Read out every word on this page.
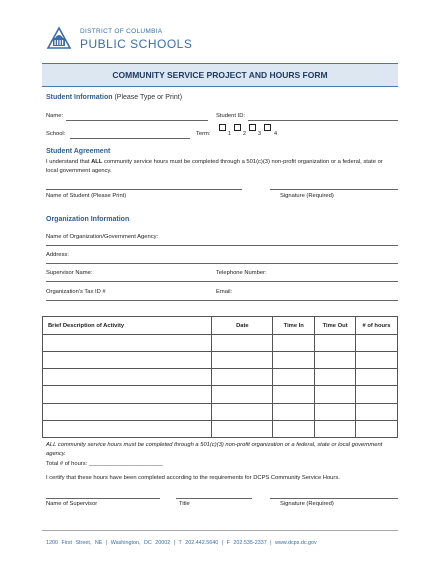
DISTRICT OF COLUMBIA
PUBLIC SCHOOLS
COMMUNITY SERVICE PROJECT AND HOURS FORM
Student Information (Please Type or Print)
Name:	Student ID:
School:	Term:	1 2 3 4
Student Agreement
I understand that ALL community service hours must be completed through a 501(c)(3) non-profit organization or a federal, state or local government agency.
Name of Student (Please Print)	Signature (Required)
Organization Information
Name of Organization/Government Agency:
Address:
Supervisor Name:	Telephone Number:
Organization's Tax ID #	Email:
Brief Description of Activity	Date	Time In	Time Out	# of hours

ALL community service hours must be completed through a 501(c)(3) non-profit organization or a federal, state or local government agency.
Total # of hours: _______________________
I certify that these hours have been completed according to the requirements for DCPS Community Service Hours.
Name of Supervisor	Title	Signature (Required)
1200 First Street, NE | Washington, DC 20002 | T 202.442.5640 | F 202.535-2337 | www.dcps.dc.gov
